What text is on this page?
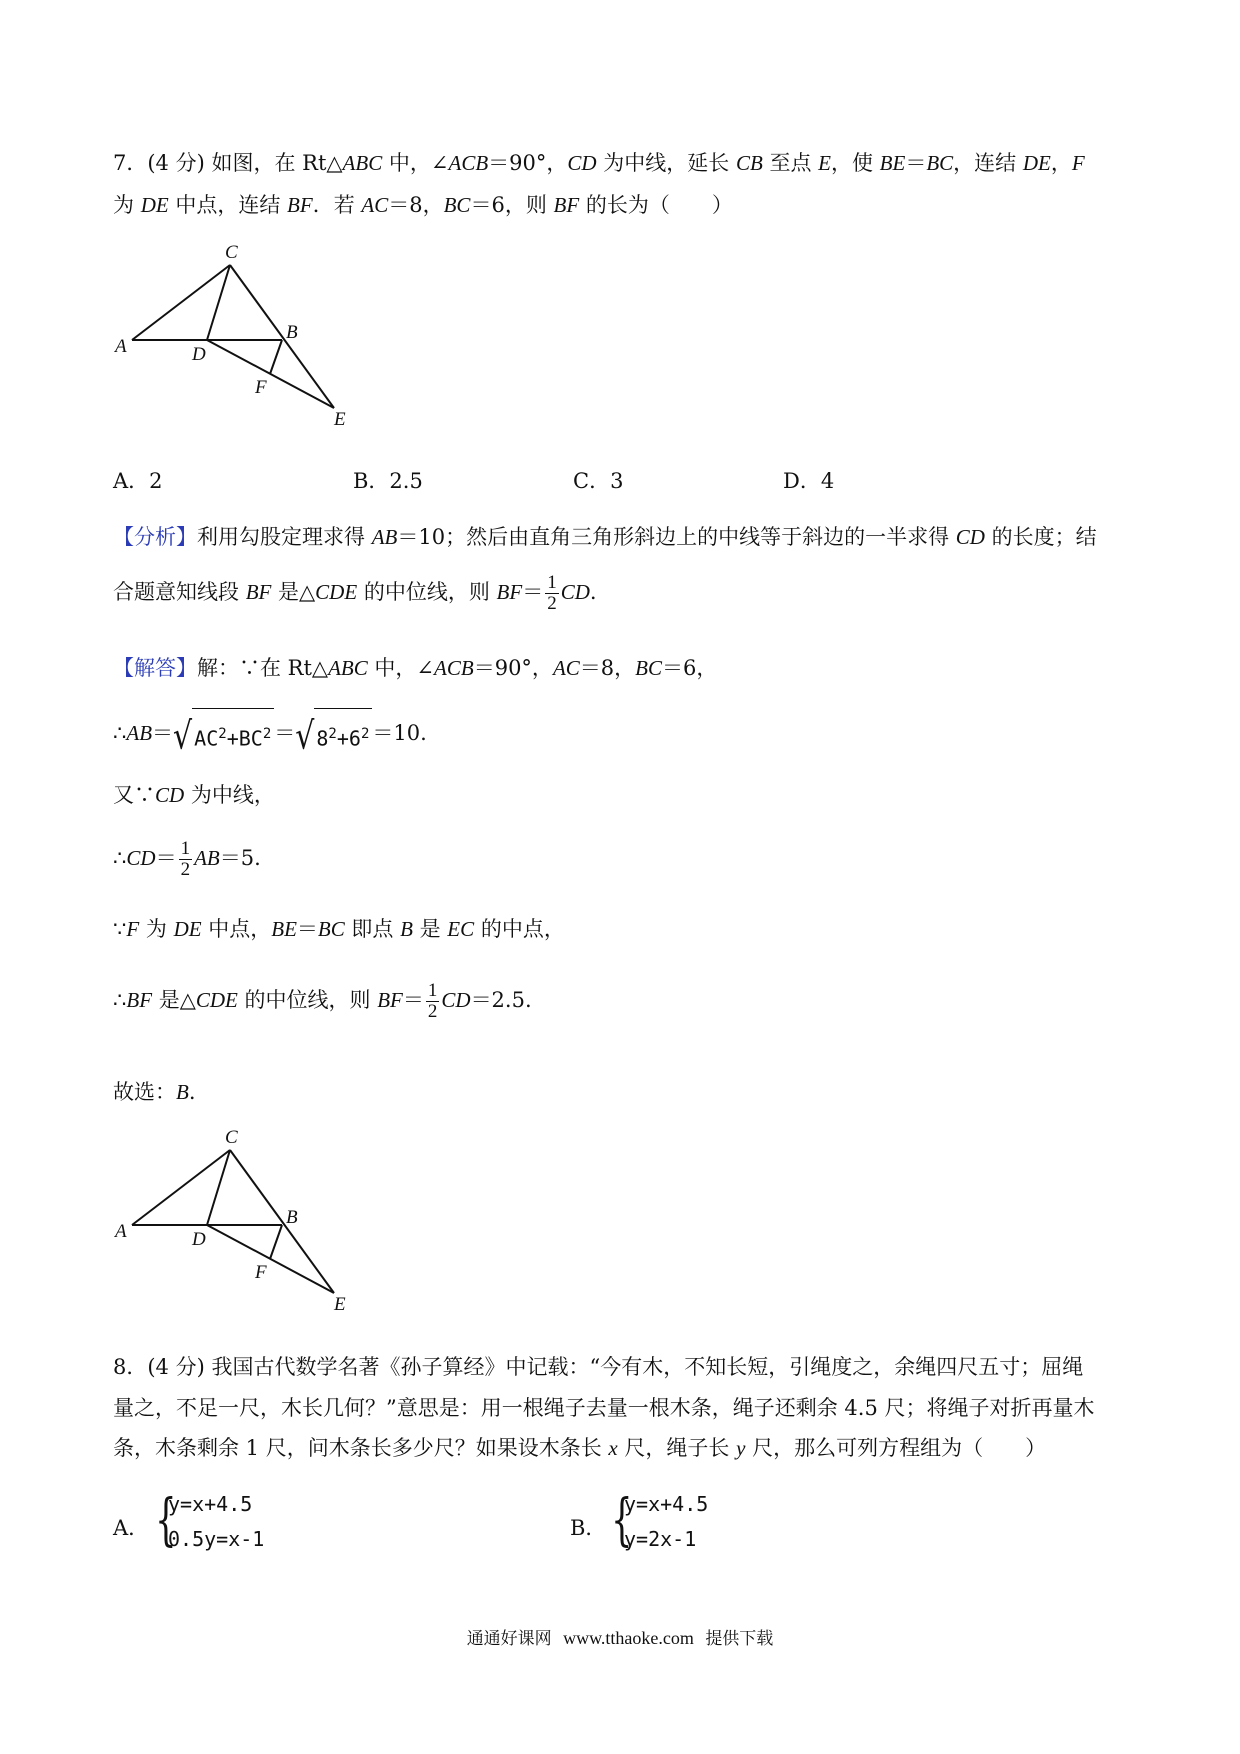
7．(4 分) 如图，在 Rt△ABC 中，∠ACB＝90°，CD 为中线，延长 CB 至点 E，使 BE＝BC，连结 DE，F
为 DE 中点，连结 BF．若 AC＝8，BC＝6，则 BF 的长为（　　）
C
A	D
B
F
E
A．2	B．2.5	C．3	D．4
【分析】利用勾股定理求得 AB＝10；然后由直角三角形斜边上的中线等于斜边的一半求得 CD 的长度；结
合题意知线段 BF 是△CDE 的中位线，则 $BF= \frac{1}{2}$ CD.
【解答】解：∵在 Rt△ABC 中，∠ACB＝90°，AC＝8，BC＝6，
∴AB＝√ $AC^2+BC^2$ ＝√ $8^2+6^2 =10$.
又∵CD 为中线，
∴CD＝ $\frac{1}{2} AB=5$.
∵F 为 DE 中点，BE＝BC 即点 B 是 EC 的中点，
∴BF 是△CDE 的中位线，则 $BF= \frac{1}{2} CD=2.5$.
故选：B.
C
A	D
B
F
E
8．(4 分) 我国古代数学名著《孙子算经》中记载：“今有木，不知长短，引绳度之，余绳四尺五寸；屈绳
量之，不足一尺，木长几何？”意思是：用一根绳子去量一根木条，绳子还剩余 4.5 尺；将绳子对折再量木
条，木条剩余 1 尺，问木条长多少尺？如果设木条长 x 尺，绳子长 y 尺，那么可列方程组为（　　）
A． {
y=x+4.5
0.5y=x-1	B． {
y=x+4.5
y=2x-1
通通好课网 www.tthaoke.com 提供下载
